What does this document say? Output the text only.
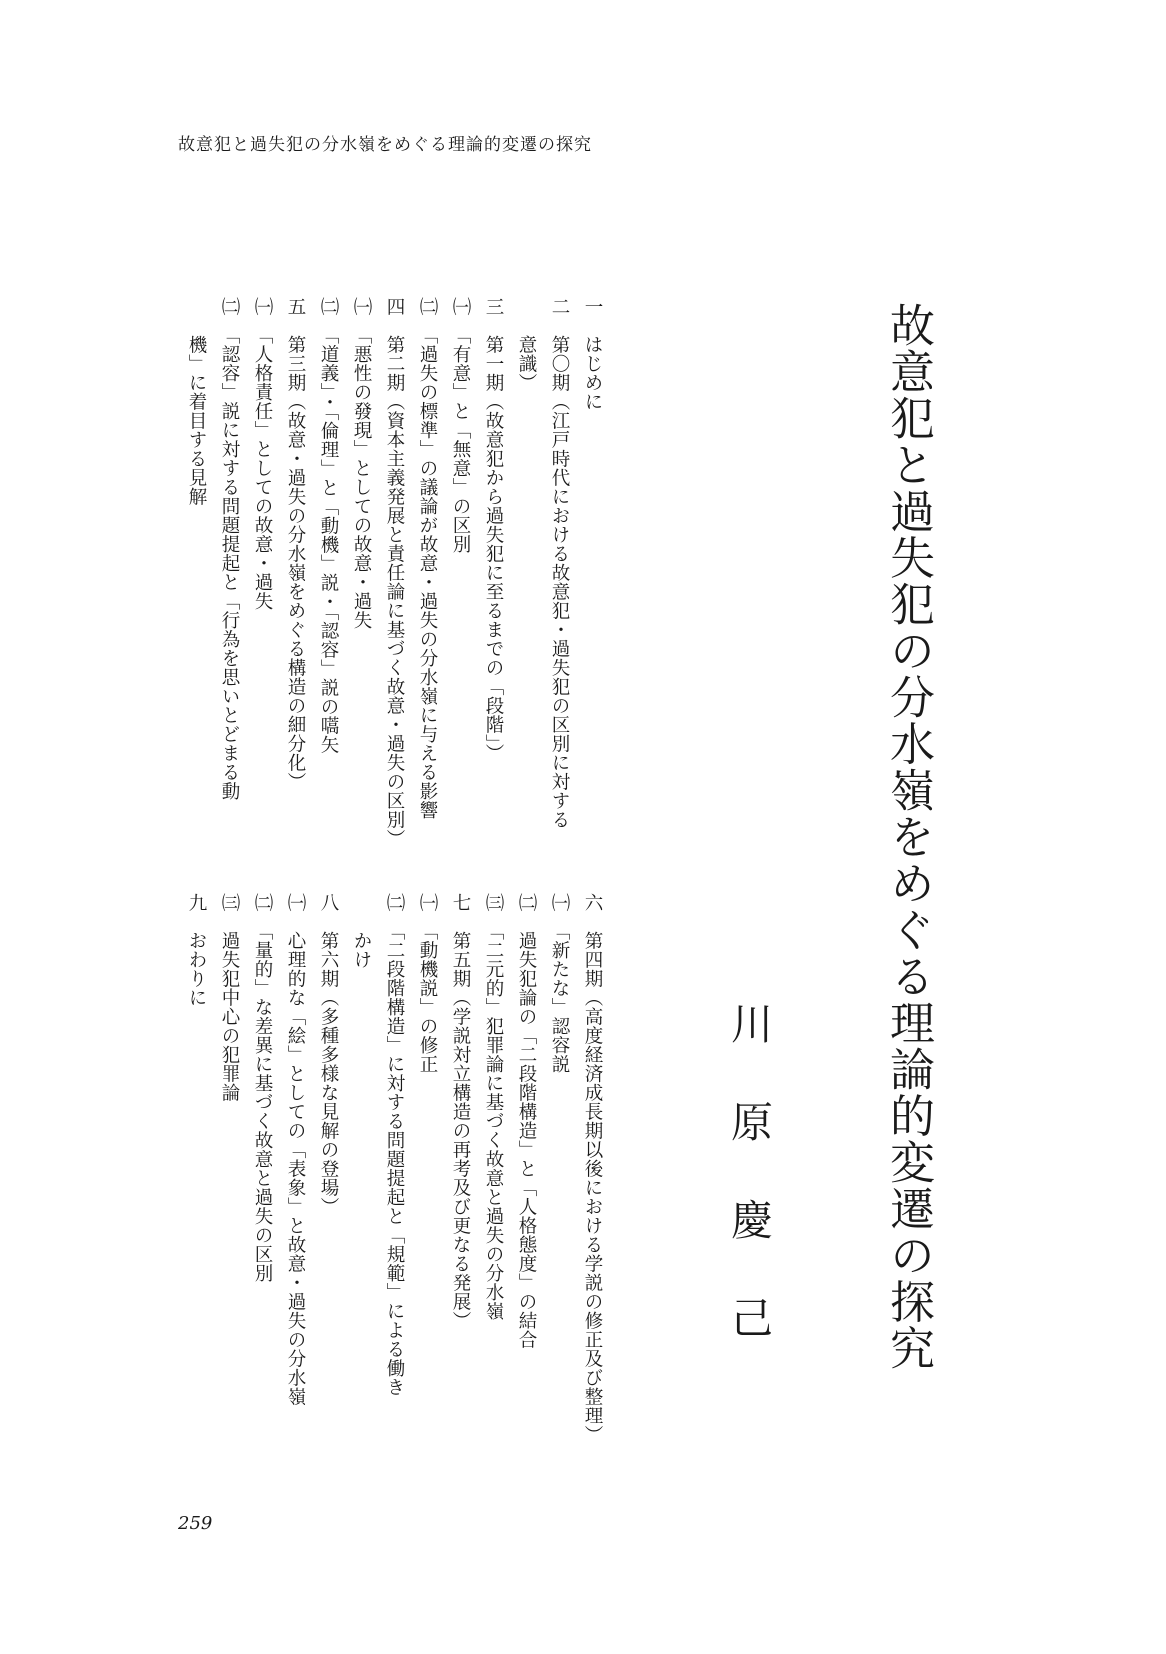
故意犯と過失犯の分水嶺をめぐる理論的変遷の探究
故意犯と過失犯の分水嶺をめぐる理論的変遷の探究
川原慶己
一　はじめに
二　第〇期（江戸時代における故意犯・過失犯の区別に対する
　　意識）
三　第一期（故意犯から過失犯に至るまでの「段階」）
㈠　「有意」と「無意」の区別
㈡　「過失の標準」の議論が故意・過失の分水嶺に与える影響
四　第二期（資本主義発展と責任論に基づく故意・過失の区別）
㈠　「悪性の發現」としての故意・過失
㈡　「道義」・「倫理」と「動機」説・「認容」説の嚆矢
五　第三期（故意・過失の分水嶺をめぐる構造の細分化）
㈠　「人格責任」としての故意・過失
㈡　「認容」説に対する問題提起と「行為を思いとどまる動
　　機」に着目する見解
六　第四期（高度経済成長期以後における学説の修正及び整理）
㈠　「新たな」認容説
㈡　過失犯論の「二段階構造」と「人格態度」の結合
㈢　「二元的」犯罪論に基づく故意と過失の分水嶺
七　第五期（学説対立構造の再考及び更なる発展）
㈠　「動機説」の修正
㈡　「二段階構造」に対する問題提起と「規範」による働き
　　かけ
八　第六期（多種多様な見解の登場）
㈠　心理的な「絵」としての「表象」と故意・過失の分水嶺
㈡　「量的」な差異に基づく故意と過失の区別
㈢　過失犯中心の犯罪論
九　おわりに
259
